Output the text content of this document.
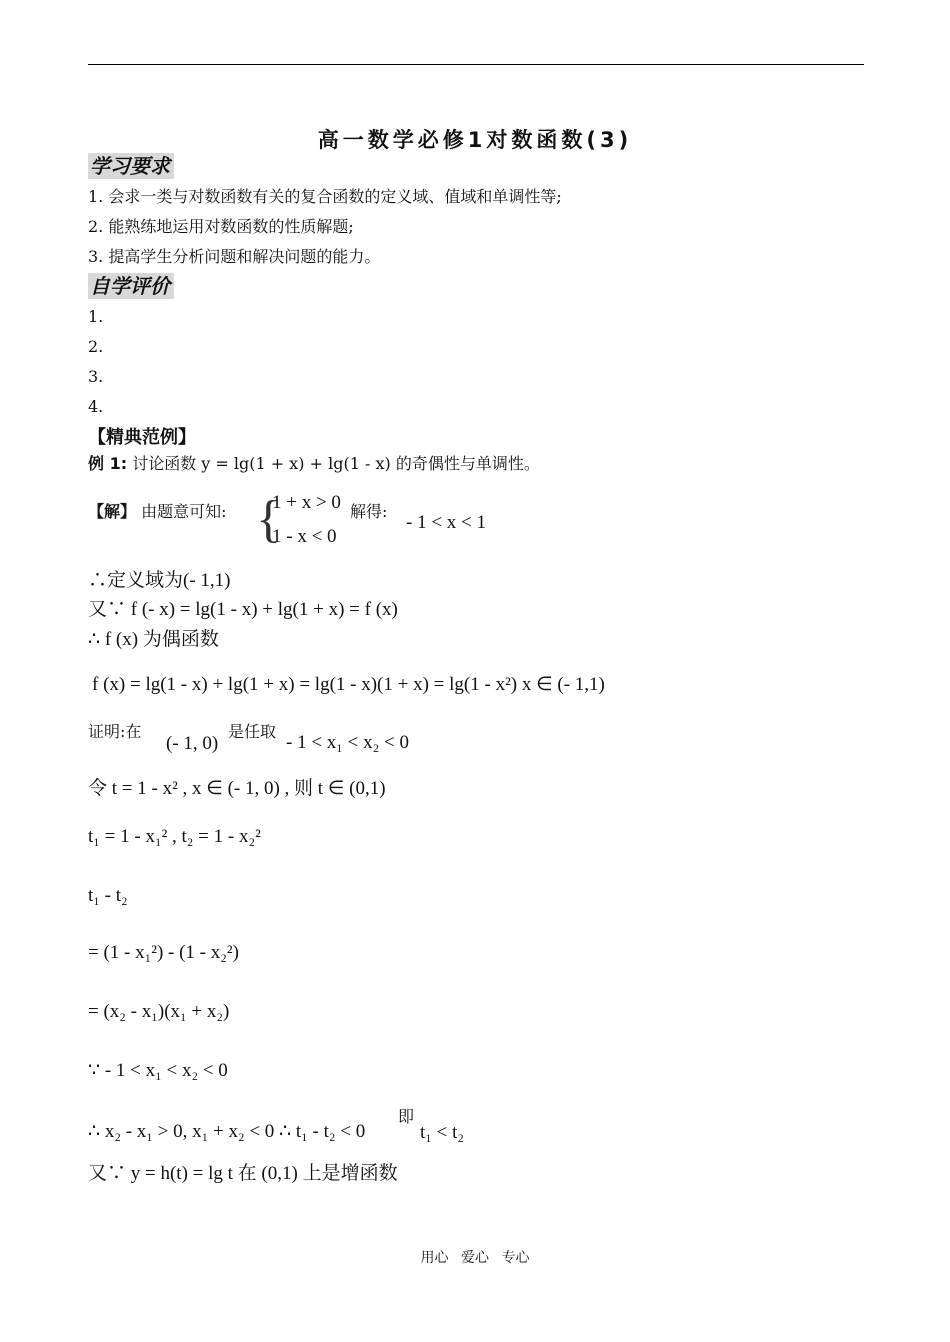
高一数学必修1对数函数(3)
学习要求
1. 会求一类与对数函数有关的复合函数的定义域、值域和单调性等;
2. 能熟练地运用对数函数的性质解题;
3. 提高学生分析问题和解决问题的能力。
自学评价
1.
2.
3.
4.
【精典范例】
例 1: 讨论函数 y = lg(1 + x) + lg(1 - x) 的奇偶性与单调性。
【解】 由题意可知: {
1 + x > 0
1 - x < 0
解得:
- 1 < x < 1
∴定义域为(- 1,1)
又∵ f (- x) = lg(1 - x) + lg(1 + x) = f (x)
∴ f (x) 为偶函数
f (x) = lg(1 - x) + lg(1 + x) = lg(1 - x)(1 + x) = lg(1 - x²) x ∈ (- 1,1)
证明:在
(- 1, 0)
是任取
- 1 < x₁ < x₂ < 0
令 t = 1 - x² , x ∈ (- 1, 0) , 则 t ∈ (0,1)
t₁ = 1 - x₁² , t₂ = 1 - x₂²
t₁ - t₂
= (1 - x₁²) - (1 - x₂²)
= (x₂ - x₁)(x₁ + x₂)
∵ - 1 < x₁ < x₂ < 0
∴ x₂ - x₁ > 0, x₁ + x₂ < 0 ∴ t₁ - t₂ < 0
即
t₁ < t₂
又∵ y = h(t) = lg t 在 (0,1) 上是增函数
用心 爱心 专心
